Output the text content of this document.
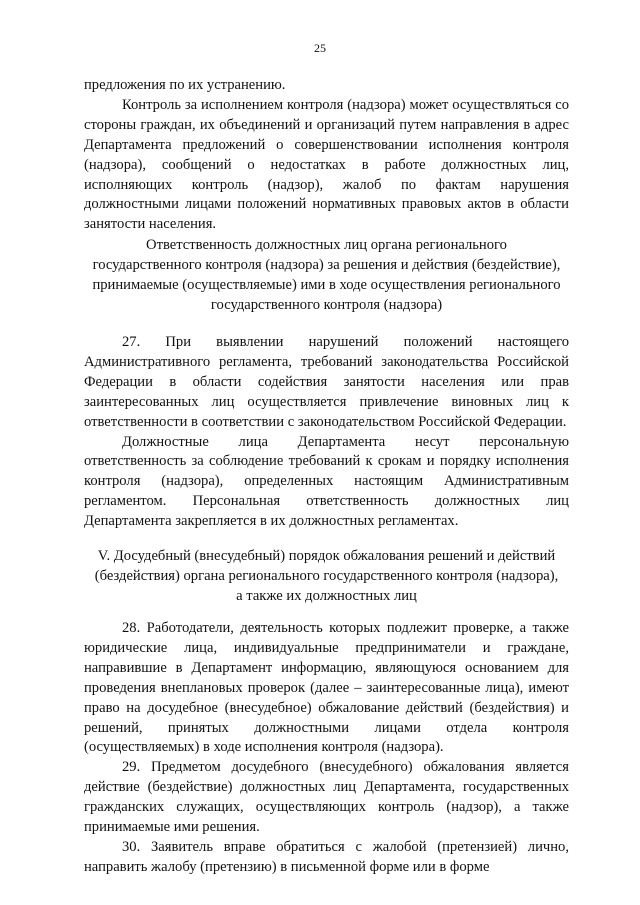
25

предложения по их устранению.

Контроль за исполнением контроля (надзора) может осуществляться со стороны граждан, их объединений и организаций путем направления в адрес Департамента предложений о совершенствовании исполнения контроля (надзора), сообщений о недостатках в работе должностных лиц, исполняющих контроль (надзор), жалоб по фактам нарушения должностными лицами положений нормативных правовых актов в области занятости населения.

Ответственность должностных лиц органа регионального

государственного контроля (надзора) за решения и действия (бездействие),

принимаемые (осуществляемые) ими в ходе осуществления регионального

государственного контроля (надзора)

27. При выявлении нарушений положений настоящего Административного регламента, требований законодательства Российской Федерации в области содействия занятости населения или прав заинтересованных лиц осуществляется привлечение виновных лиц к ответственности в соответствии с законодательством Российской Федерации.

Должностные лица Департамента несут персональную ответственность за соблюдение требований к срокам и порядку исполнения контроля (надзора), определенных настоящим Административным регламентом. Персональная ответственность должностных лиц Департамента закрепляется в их должностных регламентах.

V. Досудебный (внесудебный) порядок обжалования решений и действий

(бездействия) органа регионального государственного контроля (надзора),

а также их должностных лиц

28. Работодатели, деятельность которых подлежит проверке, а также юридические лица, индивидуальные предприниматели и граждане, направившие в Департамент информацию, являющуюся основанием для проведения внеплановых проверок (далее – заинтересованные лица), имеют право на досудебное (внесудебное) обжалование действий (бездействия) и решений, принятых должностными лицами отдела контроля (осуществляемых) в ходе исполнения контроля (надзора).

29. Предметом досудебного (внесудебного) обжалования является действие (бездействие) должностных лиц Департамента, государственных гражданских служащих, осуществляющих контроль (надзор), а также принимаемые ими решения.

30. Заявитель вправе обратиться с жалобой (претензией) лично, направить жалобу (претензию) в письменной форме или в форме
